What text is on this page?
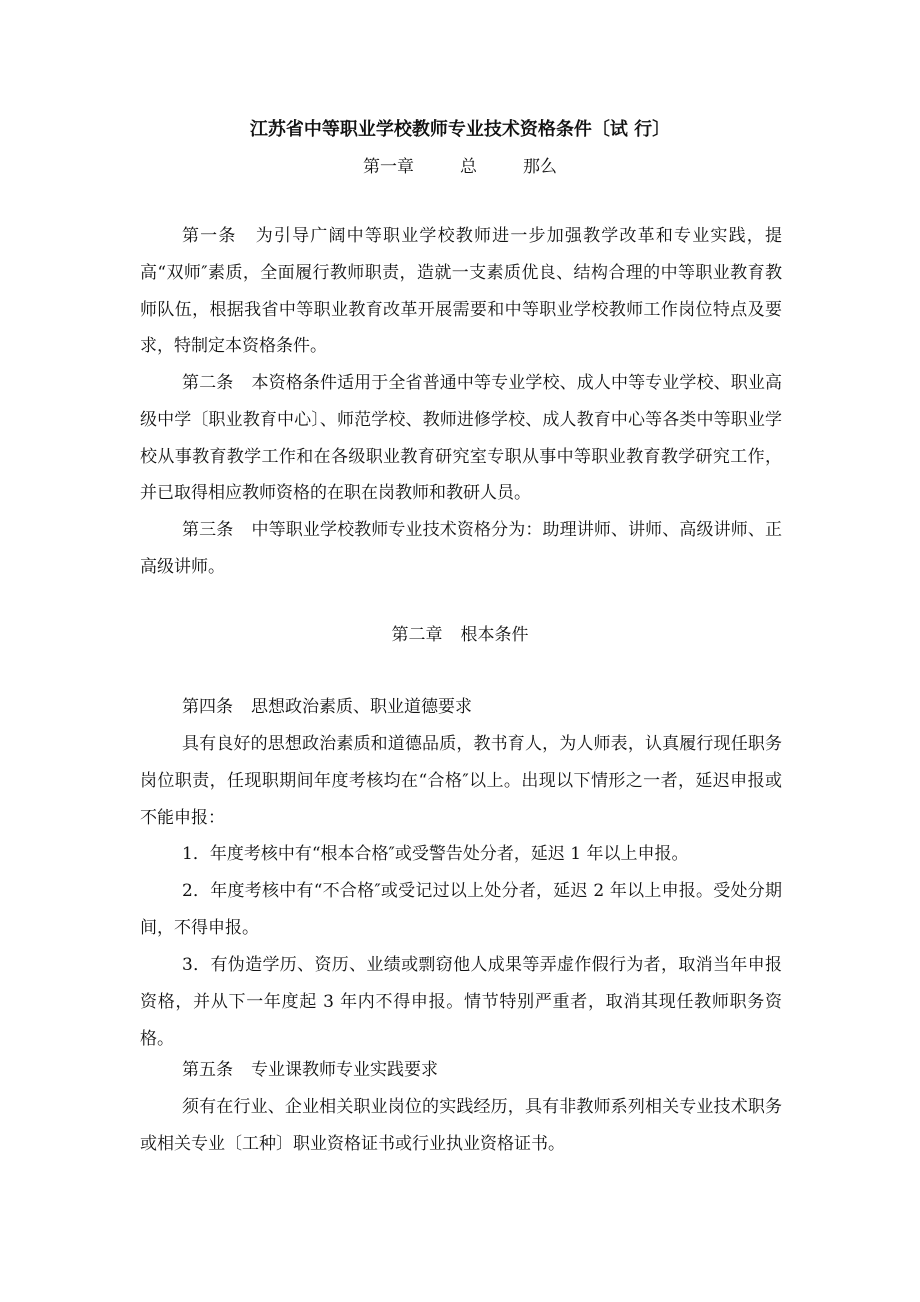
江苏省中等职业学校教师专业技术资格条件〔试 行〕
第一章	总	那么
第一条 为引导广阔中等职业学校教师进一步加强教学改革和专业实践，提高“双师″素质，全面履行教师职责，造就一支素质优良、结构合理的中等职业教育教师队伍，根据我省中等职业教育改革开展需要和中等职业学校教师工作岗位特点及要求，特制定本资格条件。
第二条 本资格条件适用于全省普通中等专业学校、成人中等专业学校、职业高级中学〔职业教育中心〕、师范学校、教师进修学校、成人教育中心等各类中等职业学校从事教育教学工作和在各级职业教育研究室专职从事中等职业教育教学研究工作，并已取得相应教师资格的在职在岗教师和教研人员。
第三条 中等职业学校教师专业技术资格分为：助理讲师、讲师、高级讲师、正高级讲师。
第二章 根本条件
第四条 思想政治素质、职业道德要求
具有良好的思想政治素质和道德品质，教书育人，为人师表，认真履行现任职务岗位职责，任现职期间年度考核均在“合格″以上。出现以下情形之一者，延迟申报或不能申报：
1．年度考核中有“根本合格″或受警告处分者，延迟 1 年以上申报。
2．年度考核中有“不合格″或受记过以上处分者，延迟 2 年以上申报。受处分期间，不得申报。
3．有伪造学历、资历、业绩或剽窃他人成果等弄虚作假行为者，取消当年申报资格，并从下一年度起 3 年内不得申报。情节特别严重者，取消其现任教师职务资格。
第五条 专业课教师专业实践要求
须有在行业、企业相关职业岗位的实践经历，具有非教师系列相关专业技术职务或相关专业〔工种〕职业资格证书或行业执业资格证书。
